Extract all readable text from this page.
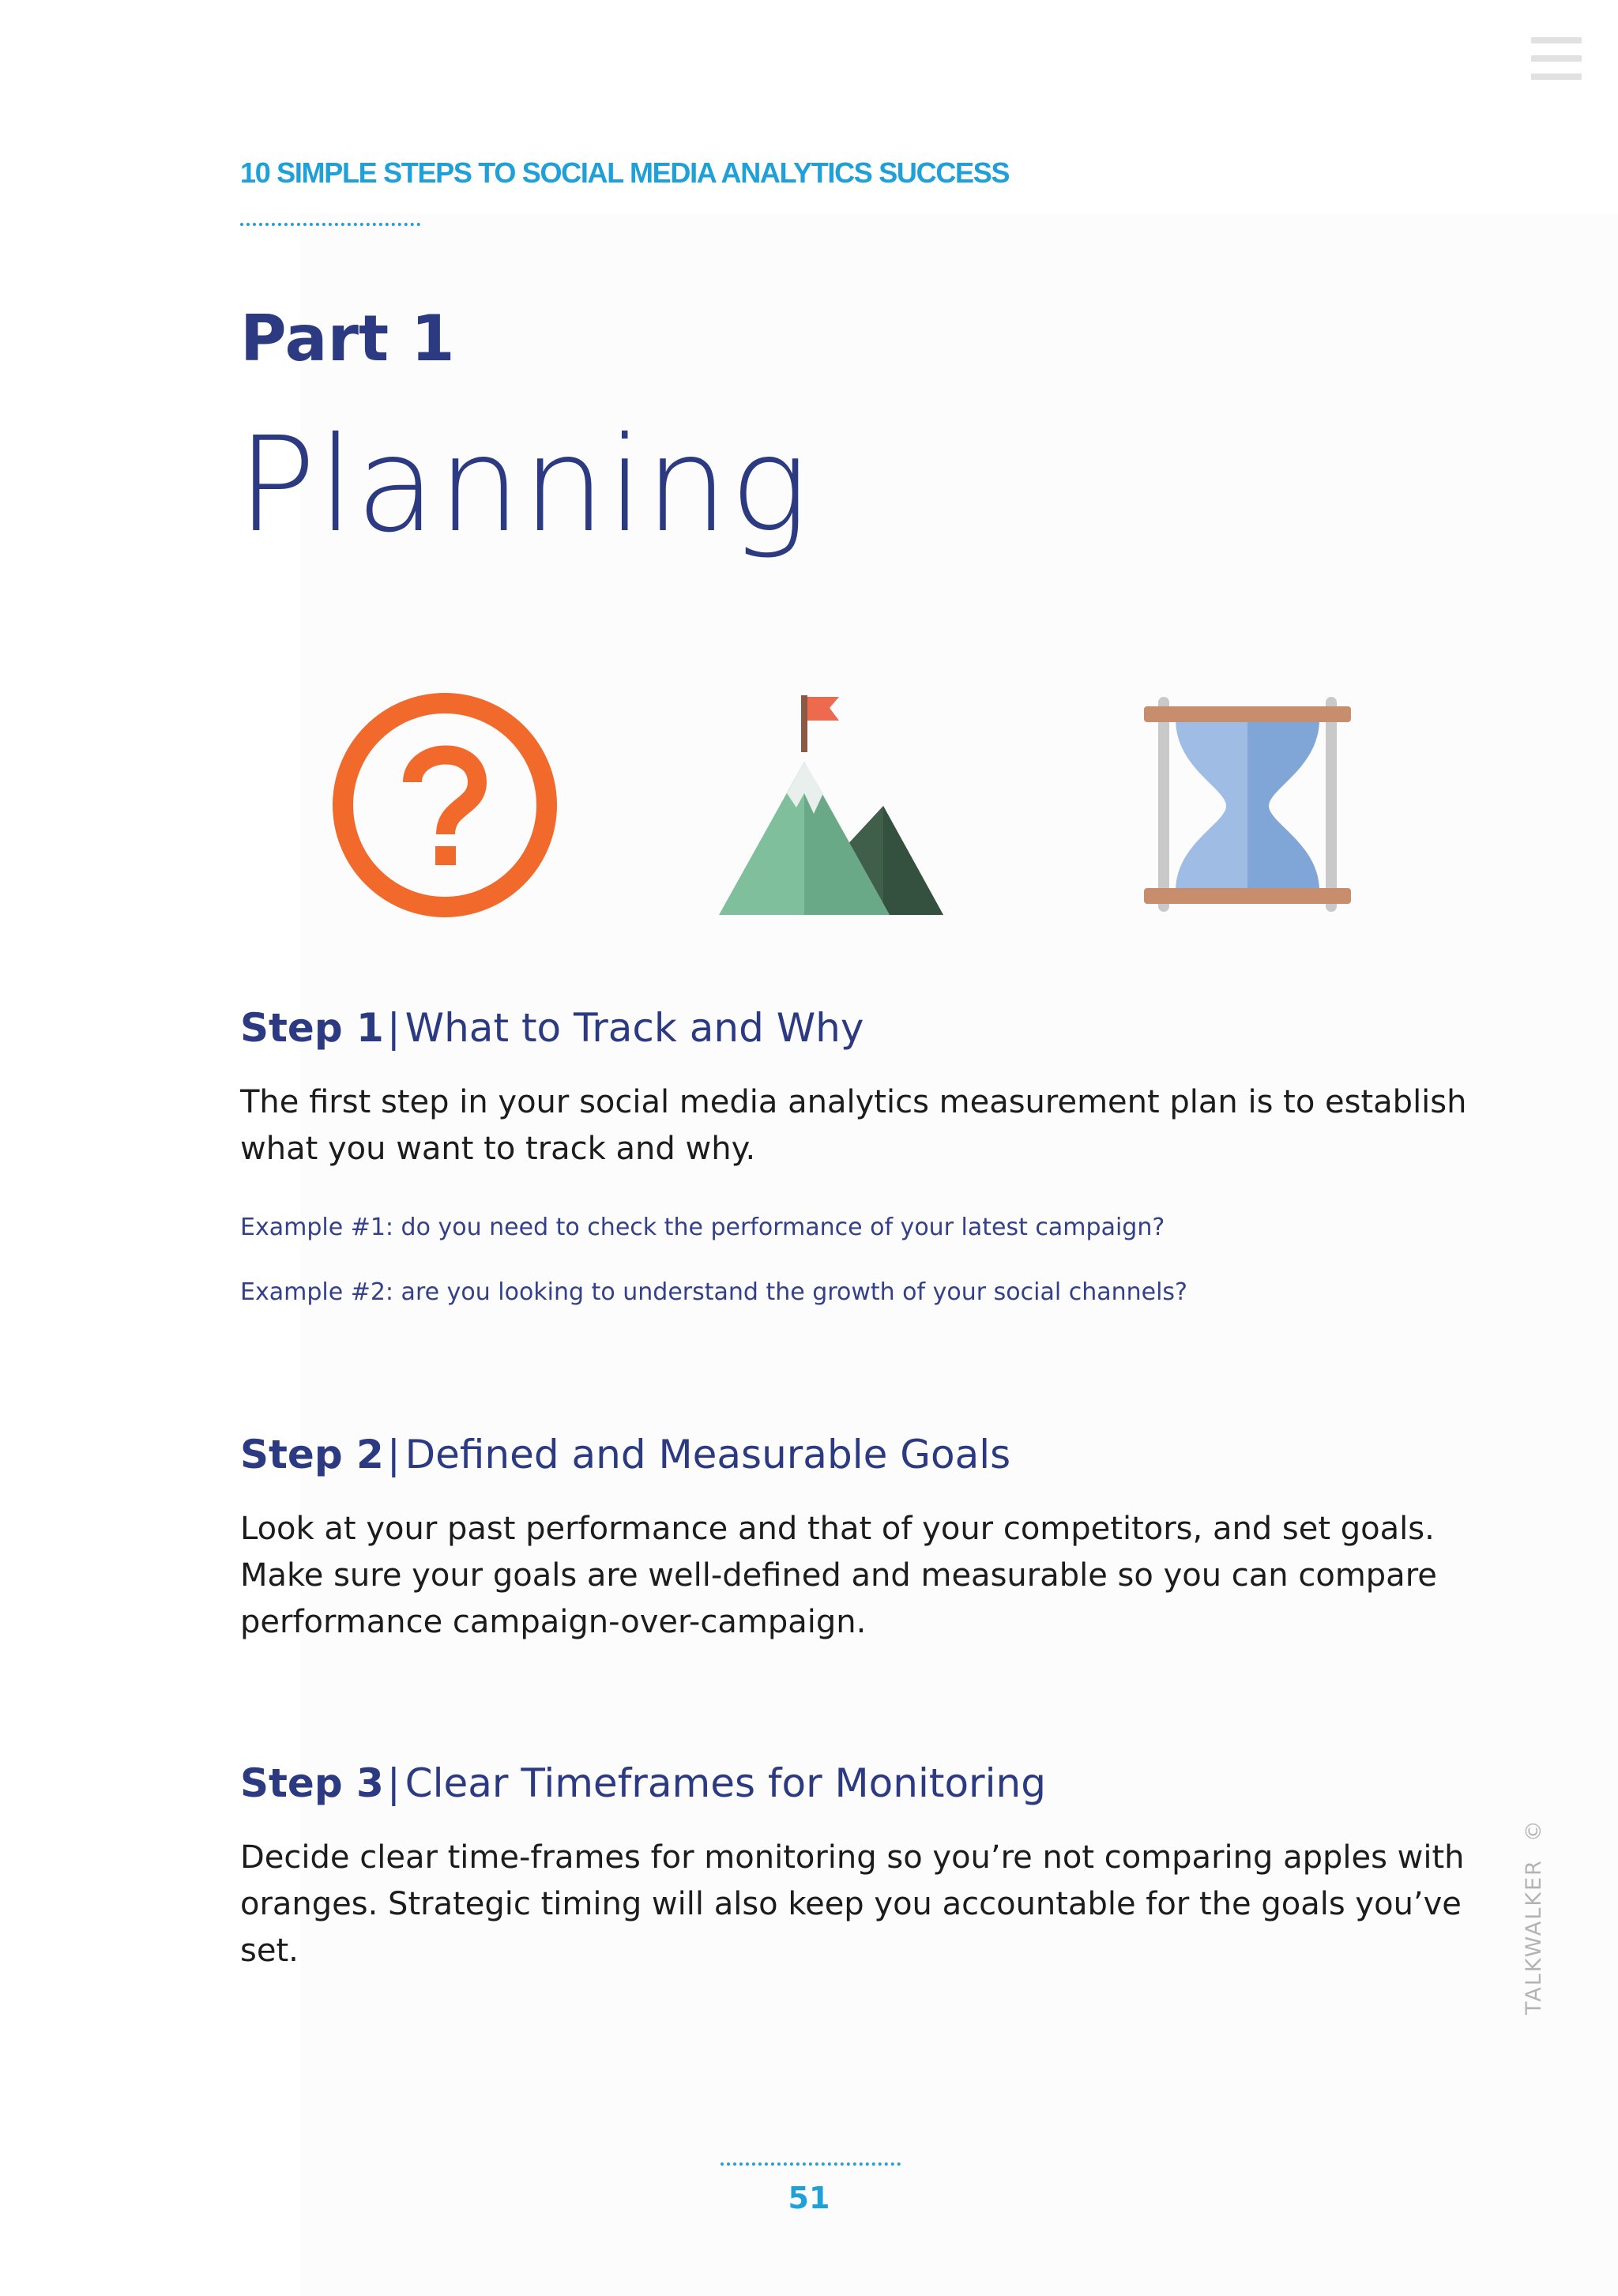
10 SIMPLE STEPS TO SOCIAL MEDIA ANALYTICS SUCCESS
Part 1
Planning
Step 1| What to Track and Why
The first step in your social media analytics measurement plan is to establish what you want to track and why.
Example #1: do you need to check the performance of your latest campaign?
Example #2: are you looking to understand the growth of your social channels?
Step 2| Defined and Measurable Goals
Look at your past performance and that of your competitors, and set goals. Make sure your goals are well-defined and measurable so you can compare performance campaign-over-campaign.
Step 3| Clear Timeframes for Monitoring
Decide clear time-frames for monitoring so you’re not comparing apples with oranges. Strategic timing will also keep you accountable for the goals you’ve set.	TALKWALKER©
51
